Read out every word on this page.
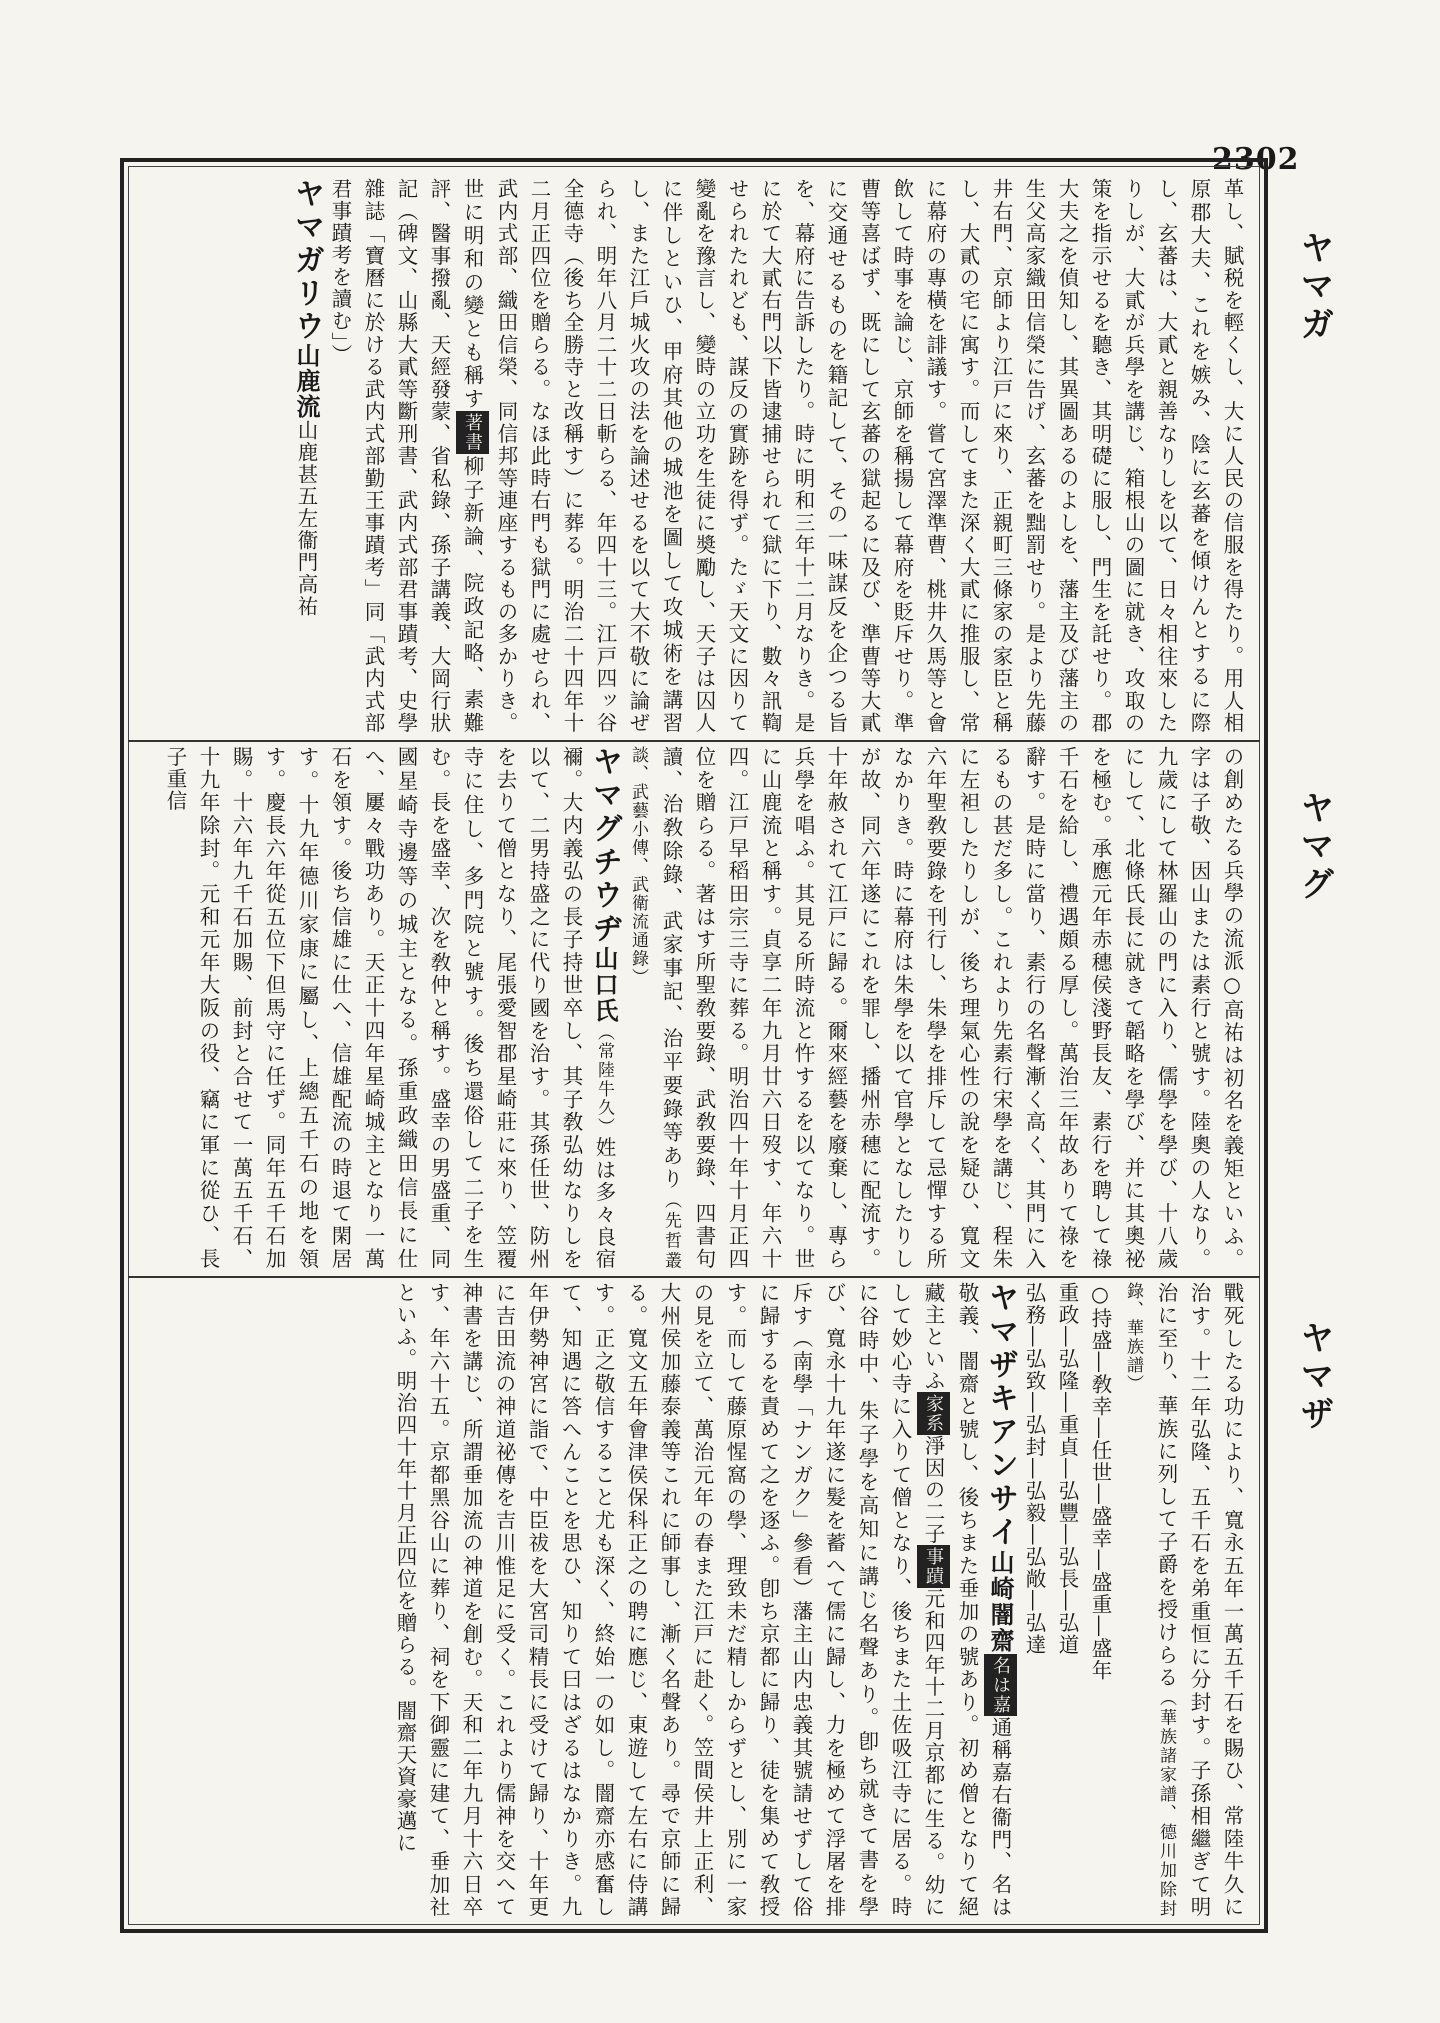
2302
ヤマガ
ヤマグ
ヤマザ

革し、賦税を輕くし、大に人民の信服を得たり。用人相原郡大夫、これを嫉み、陰に玄蕃を傾けんとするに際し、玄蕃は、大貳と親善なりしを以て、日々相往來したりしが、大貳が兵學を講じ、箱根山の圖に就き、攻取の策を指示せるを聽き、其明礎に服し、門生を託せり。郡大夫之を偵知し、其異圖あるのよしを、藩主及び藩主の生父高家織田信榮に告げ、玄蕃を黜罰せり。是より先藤井右門、京師より江戸に來り、正親町三條家の家臣と稱し、大貳の宅に寓す。而してまた深く大貳に推服し、常に幕府の專橫を誹議す。嘗て宮澤準曹、桃井久馬等と會飲して時事を論じ、京師を稱揚して幕府を貶斥せり。準曹等喜ばず、既にして玄蕃の獄起るに及び、準曹等大貳に交通せるものを籍記して、その一味謀反を企つる旨を、幕府に告訴したり。時に明和三年十二月なりき。是に於て大貳右門以下皆逮捕せられて獄に下り、數々訊鞫せられたれども、謀反の實跡を得ず。たゞ天文に因りて變亂を豫言し、變時の立功を生徒に奬勵し、天子は囚人に伴しといひ、甲府其他の城池を圖して攻城術を講習し、また江戶城火攻の法を論述せるを以て大不敬に論ぜられ、明年八月二十二日斬らる、年四十三。江戸四ッ谷全德寺（後ち全勝寺と改稱す）に葬る。明治二十四年十二月正四位を贈らる。なほ此時右門も獄門に處せられ、武内式部、織田信榮、同信邦等連座するもの多かりき。世に明和の變とも稱す著書柳子新論、院政記略、素難評、醫事撥亂、天經發蒙、省私錄、孫子講義、大岡行狀記（碑文、山縣大貳等斷刑書、武内式部君事蹟考、史學雜誌「寶曆に於ける武内式部勤王事蹟考」同「武内式部君事蹟考を讀む」）

ヤマガリウ山鹿流山鹿甚五左衞門高祐

の創めたる兵學の流派○高祐は初名を義矩といふ。字は子敬、因山または素行と號す。陸奧の人なり。九歲にして林羅山の門に入り、儒學を學び、十八歲にして、北條氏長に就きて韜略を學び、并に其奧祕を極む。承應元年赤穗侯淺野長友、素行を聘して祿千石を給し、禮遇頗る厚し。萬治三年故ありて祿を辭す。是時に當り、素行の名聲漸く高く、其門に入るもの甚だ多し。これより先素行宋學を講じ、程朱に左袒したりしが、後ち理氣心性の說を疑ひ、寬文六年聖敎要錄を刊行し、朱學を排斥して忌憚する所なかりき。時に幕府は朱學を以て官學となしたりしが故、同六年遂にこれを罪し、播州赤穗に配流す。十年赦されて江戸に歸る。爾來經藝を廢棄し、專ら兵學を唱ふ。其見る所時流と忤するを以てなり。世に山鹿流と稱す。貞享二年九月廿六日歿す、年六十四。江戸早稻田宗三寺に葬る。明治四十年十月正四位を贈らる。著はす所聖敎要錄、武敎要錄、四書句讀、治敎除錄、武家事記、治平要錄等あり（先哲叢談、武藝小傳、武衛流通錄）

ヤマグチウヂ山口氏（常陸牛久）姓は多々良宿禰。大内義弘の長子持世卒し、其子敎弘幼なりしを以て、二男持盛之に代り國を治す。其孫任世、防州を去りて僧となり、尾張愛智郡星崎莊に來り、笠覆寺に住し、多門院と號す。後ち還俗して二子を生む。長を盛幸、次を敎仲と稱す。盛幸の男盛重、同國星崎寺邊等の城主となる。孫重政織田信長に仕へ、屢々戰功あり。天正十四年星崎城主となり一萬石を領す。後ち信雄に仕へ、信雄配流の時退て閑居す。十九年德川家康に屬し、上總五千石の地を領す。慶長六年從五位下但馬守に任ず。同年五千石加賜。十六年九千石加賜、前封と合せて一萬五千石、十九年除封。元和元年大阪の役、竊に軍に從ひ、長子重信

戰死したる功により、寬永五年一萬五千石を賜ひ、常陸牛久に治す。十二年弘隆、五千石を弟重恒に分封す。子孫相繼ぎて明治に至り、華族に列して子爵を授けらる（華族諸家譜、德川加除封錄、華族譜）

○持盛―敎幸―任世―盛幸―盛重―盛年

重政―弘隆―重貞―弘豐―弘長―弘道

弘務―弘致―弘封―弘毅―弘敞―弘達

ヤマザキアンサイ山崎闇齋名は嘉通稱嘉右衞門、名は敬義、闇齋と號し、後ちまた垂加の號あり。初め僧となりて絕藏主といふ家系淨因の二子事蹟元和四年十二月京都に生る。幼にして妙心寺に入りて僧となり、後ちまた土佐吸江寺に居る。時に谷時中、朱子學を高知に講じ名聲あり。卽ち就きて書を學び、寬永十九年遂に髮を蓄へて儒に歸し、力を極めて浮屠を排斥す（南學「ナンガク」參看）藩主山内忠義其號請せずして俗に歸するを責めて之を逐ふ。卽ち京都に歸り、徒を集めて敎授す。而して藤原惺窩の學、理致未だ精しからずとし、別に一家の見を立て、萬治元年の春また江戸に赴く。笠間侯井上正利、大州侯加藤泰義等これに師事し、漸く名聲あり。尋で京師に歸る。寬文五年會津侯保科正之の聘に應じ、東遊して左右に侍講す。正之敬信すること尤も深く、終始一の如し。闇齋亦感奮して、知遇に答へんことを思ひ、知りて曰はざるはなかりき。九年伊勢神宮に詣で、中臣祓を大宮司精長に受けて歸り、十年更に吉田流の神道祕傳を吉川惟足に受く。これより儒神を交へて神書を講じ、所謂垂加流の神道を創む。天和二年九月十六日卒す、年六十五。京都黑谷山に葬り、祠を下御靈に建て、垂加社といふ。明治四十年十月正四位を贈らる。闇齋天資豪邁に
